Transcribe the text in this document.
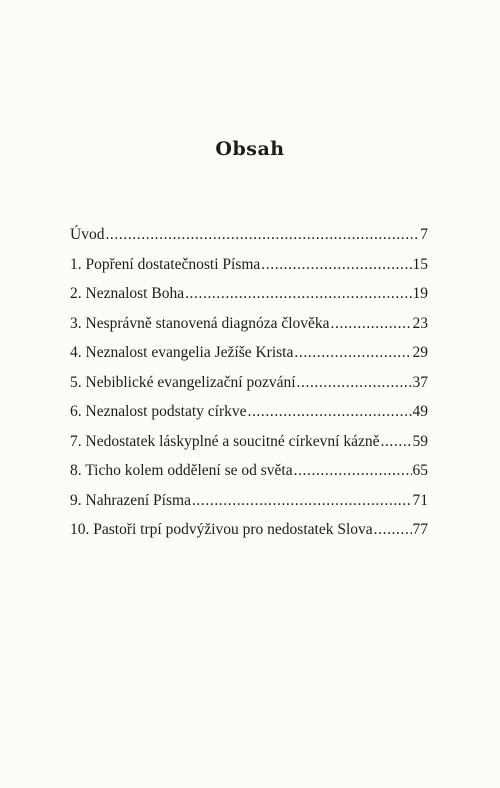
Obsah
Úvod .....	7
1. Popření dostatečnosti Písma .....	15
2. Neznalost Boha .....	19
3. Nesprávně stanovená diagnóza člověka .....	23
4. Neznalost evangelia Ježíše Krista .....	29
5. Nebiblické evangelizační pozvání .....	37
6. Neznalost podstaty církve .....	49
7. Nedostatek láskyplné a soucitné církevní kázně ..... 59
8. Ticho kolem oddělení se od světa .....	65
9. Nahrazení Písma .....	71
10. Pastoři trpí podvýživou pro nedostatek Slova .....	77
